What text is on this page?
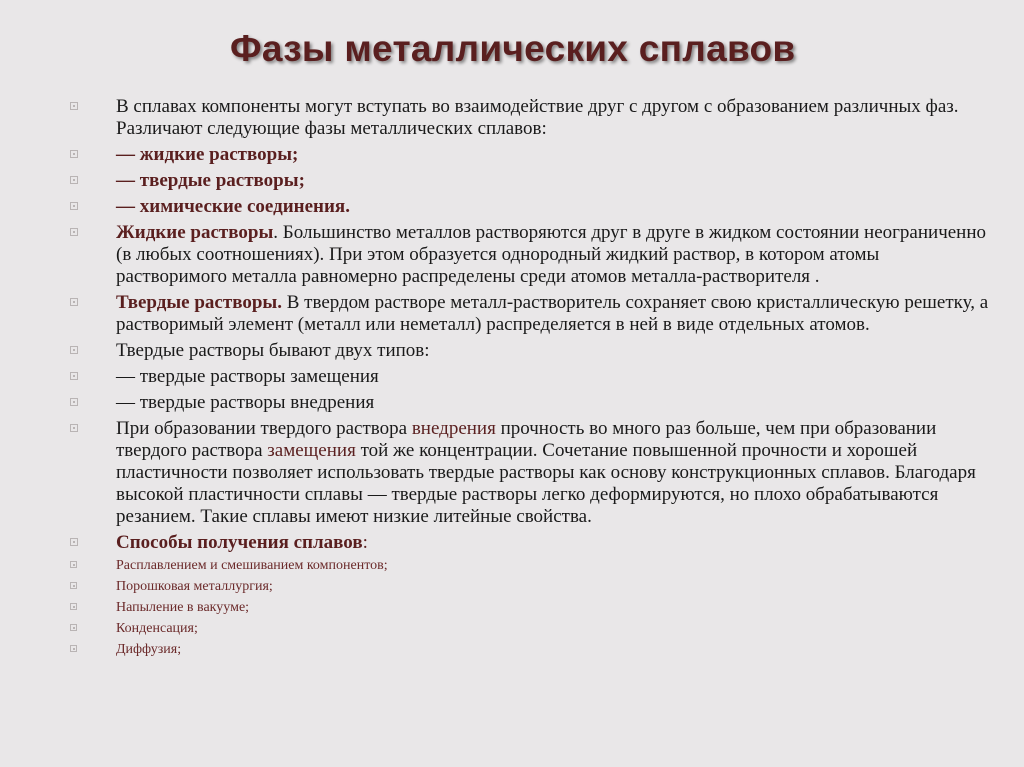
Фазы металлических сплавов
В сплавах компоненты могут вступать во взаимодействие друг с другом с образованием различных фаз. Различают следующие фазы металлических сплавов:
— жидкие растворы;
— твердые растворы;
— химические соединения.
Жидкие растворы. Большинство металлов растворяются друг в друге в жидком состоянии неограниченно (в любых соотношениях). При этом образуется однородный жидкий раствор, в котором атомы растворимого металла равномерно распределены среди атомов металла-растворителя .
Твердые растворы. В твердом растворе металл-растворитель сохраняет свою кристаллическую решетку, а растворимый элемент (металл или неметалл) распределяется в ней в виде отдельных атомов.
Твердые растворы бывают двух типов:
— твердые растворы замещения
— твердые растворы внедрения
При образовании твердого раствора внедрения прочность во много раз больше, чем при образовании твердого раствора замещения той же концентрации. Сочетание повышенной прочности и хорошей пластичности позволяет использовать твердые растворы как основу конструкционных сплавов. Благодаря высокой пластичности сплавы — твердые растворы легко деформируются, но плохо обрабатываются резанием. Такие сплавы имеют низкие литейные свойства.
Способы получения сплавов:
Расплавлением и смешиванием компонентов;
Порошковая металлургия;
Напыление в вакууме;
Конденсация;
Диффузия;
